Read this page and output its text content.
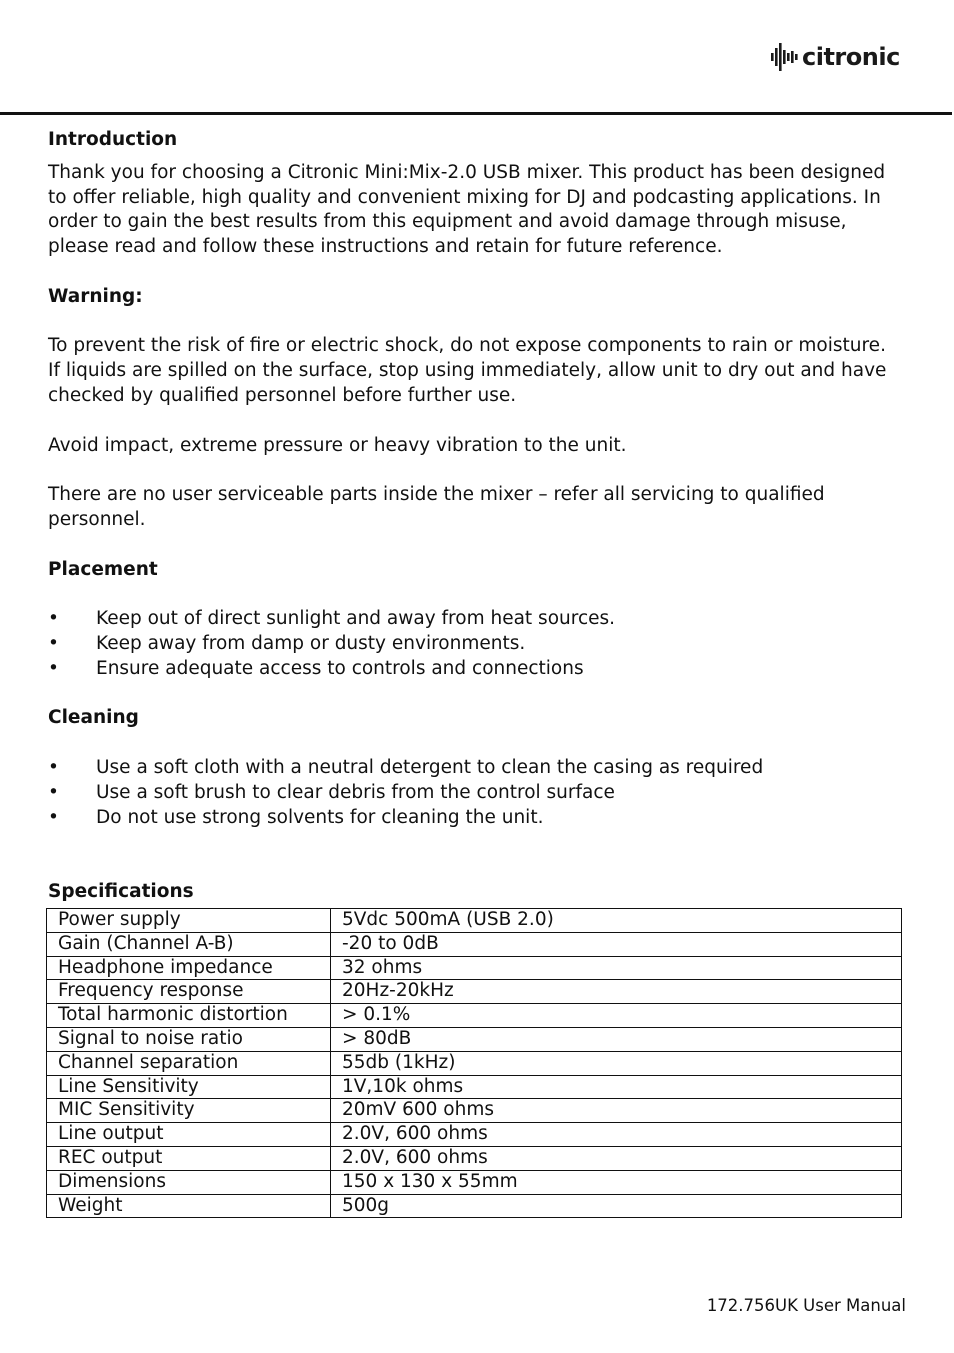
citronic

Introduction

Thank you for choosing a Citronic Mini:Mix-2.0 USB mixer. This product has been designed to offer reliable, high quality and convenient mixing for DJ and podcasting applications. In order to gain the best results from this equipment and avoid damage through misuse, please read and follow these instructions and retain for future reference.

Warning:

To prevent the risk of fire or electric shock, do not expose components to rain or moisture.

If liquids are spilled on the surface, stop using immediately, allow unit to dry out and have checked by qualified personnel before further use.

Avoid impact, extreme pressure or heavy vibration to the unit.

There are no user serviceable parts inside the mixer – refer all servicing to qualified personnel.

Placement

• Keep out of direct sunlight and away from heat sources.
• Keep away from damp or dusty environments.
• Ensure adequate access to controls and connections

Cleaning

• Use a soft cloth with a neutral detergent to clean the casing as required
• Use a soft brush to clear debris from the control surface
• Do not use strong solvents for cleaning the unit.

Specifications

Power supply	5Vdc 500mA (USB 2.0)
Gain (Channel A-B)	-20 to 0dB
Headphone impedance	32 ohms
Frequency response	20Hz-20kHz
Total harmonic distortion	> 0.1%
Signal to noise ratio	> 80dB
Channel separation	55db (1kHz)
Line Sensitivity	1V,10k ohms
MIC Sensitivity	20mV 600 ohms
Line output	2.0V, 600 ohms
REC output	2.0V, 600 ohms
Dimensions	150 x 130 x 55mm
Weight	500g
172.756UK User Manual
